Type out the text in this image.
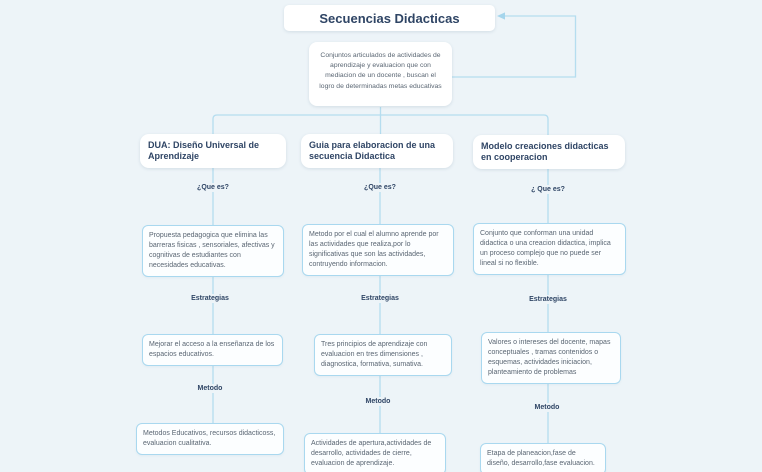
Secuencias Didacticas
Conjuntos articulados de actividades de aprendizaje y evaluacion que con mediacion de un docente , buscan el logro de determinadas metas educativas
DUA: Diseño Universal de Aprendizaje
¿Que es?
Propuesta pedagogica que elimina las barreras fisicas , sensoriales, afectivas y cognitivas de estudiantes con necesidades educativas.
Estrategias
Mejorar el acceso a la enseñanza de los espacios educativos.
Metodo
Metodos Educativos, recursos didacticoss, evaluacion cualitativa.
Guia para elaboracion de una secuencia Didactica
¿Que es?
Metodo por el cual el alumno aprende por las actividades que realiza,por lo significativas que son las actividades, contruyendo informacion.
Estrategias
Tres principios de aprendizaje con evaluacion en tres dimensiones , diagnostica, formativa, sumativa.
Metodo
Actividades de apertura,actividades de desarrollo, actividades de cierre, evaluacion de aprendizaje.
Modelo creaciones didacticas en cooperacion
¿ Que es?
Conjunto que conforman una unidad didactica o una creacion didactica, implica un proceso complejo que no puede ser lineal si no flexible.
Estrategias
Valores o intereses del docente, mapas conceptuales , tramas contenidos o esquemas, actividades iniciacion, planteamiento de problemas
Metodo
Etapa de planeacion,fase de diseño, desarrollo,fase evaluacion.
